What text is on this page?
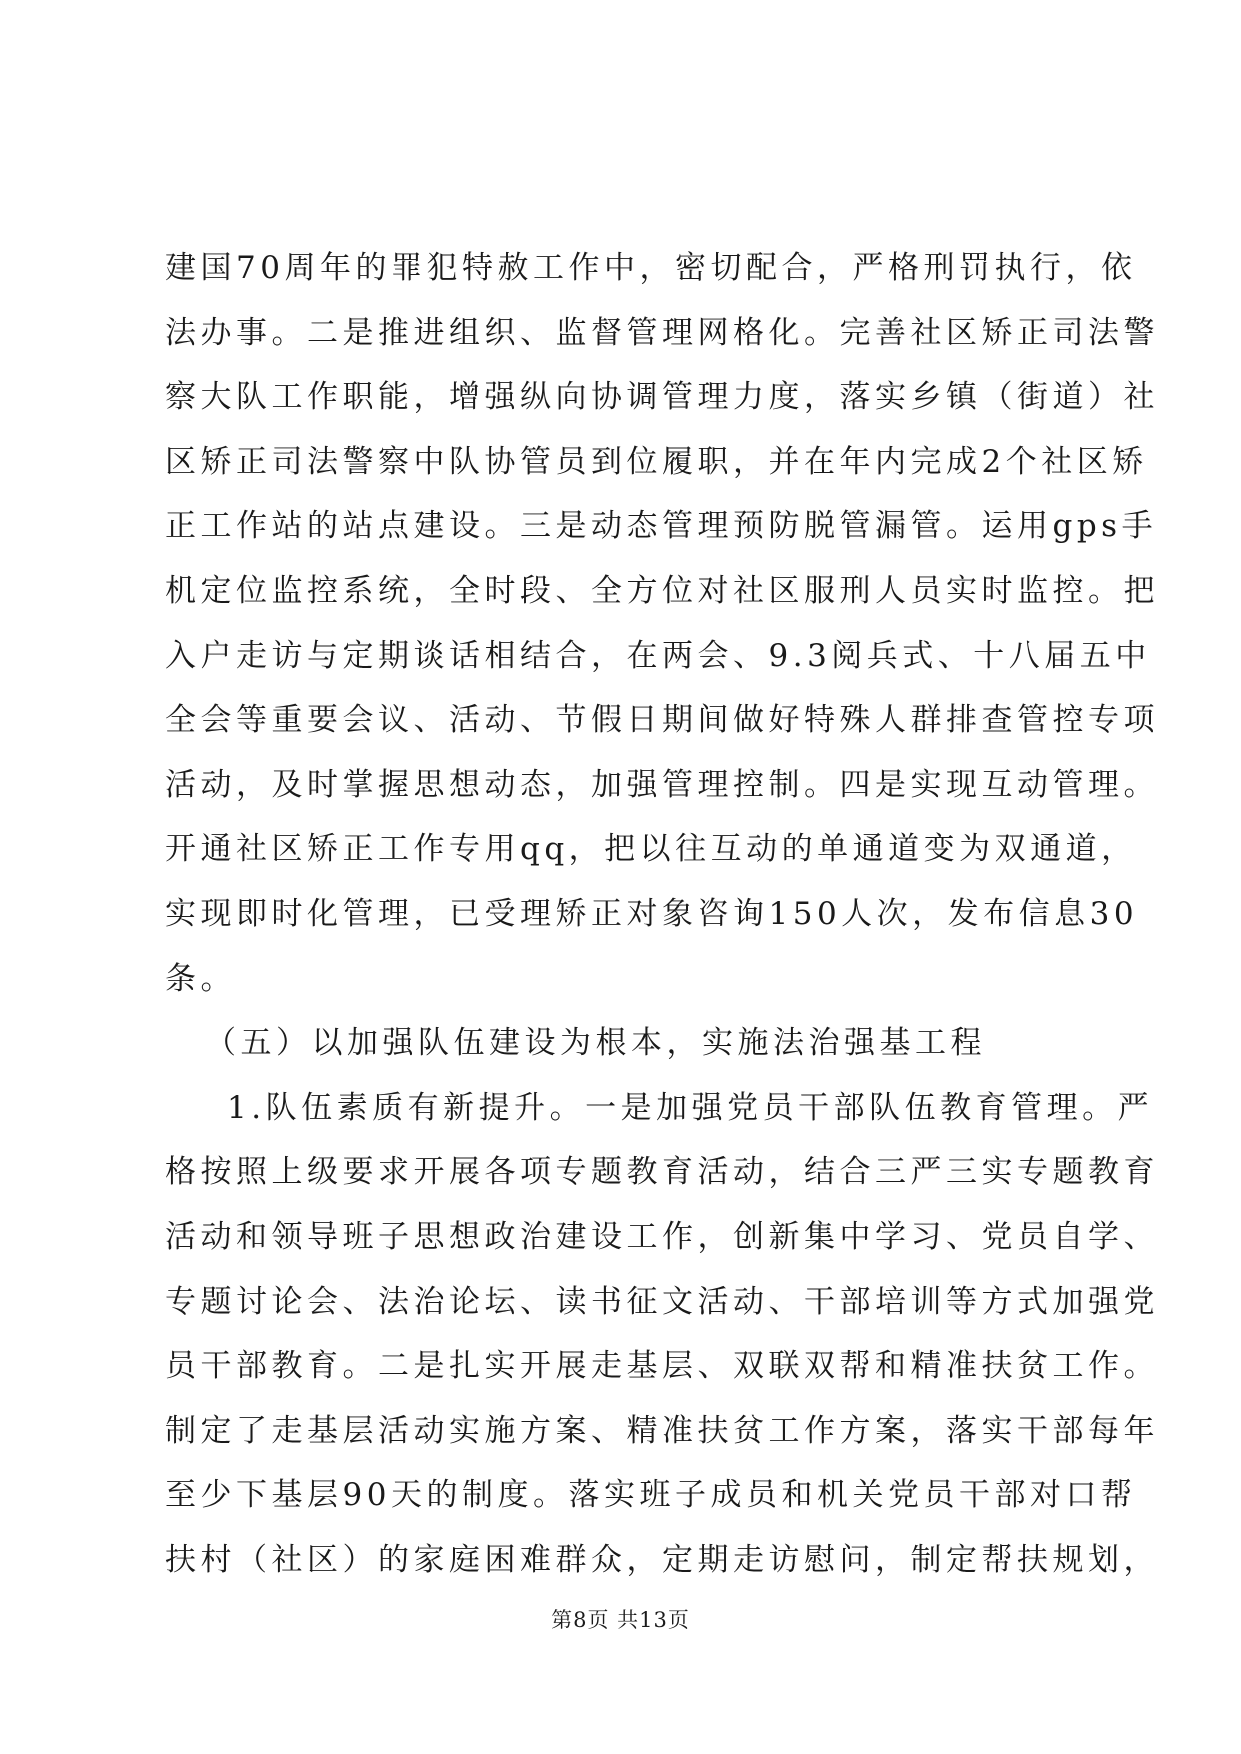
建国70周年的罪犯特赦工作中，密切配合，严格刑罚执行，依
法办事。二是推进组织、监督管理网格化。完善社区矫正司法警
察大队工作职能，增强纵向协调管理力度，落实乡镇（街道）社
区矫正司法警察中队协管员到位履职，并在年内完成2个社区矫
正工作站的站点建设。三是动态管理预防脱管漏管。运用gps手
机定位监控系统，全时段、全方位对社区服刑人员实时监控。把
入户走访与定期谈话相结合，在两会、9.3阅兵式、十八届五中
全会等重要会议、活动、节假日期间做好特殊人群排查管控专项
活动，及时掌握思想动态，加强管理控制。四是实现互动管理。
开通社区矫正工作专用qq，把以往互动的单通道变为双通道，
实现即时化管理，已受理矫正对象咨询150人次，发布信息30
条。
（五）以加强队伍建设为根本，实施法治强基工程
1.队伍素质有新提升。一是加强党员干部队伍教育管理。严
格按照上级要求开展各项专题教育活动，结合三严三实专题教育
活动和领导班子思想政治建设工作，创新集中学习、党员自学、
专题讨论会、法治论坛、读书征文活动、干部培训等方式加强党
员干部教育。二是扎实开展走基层、双联双帮和精准扶贫工作。
制定了走基层活动实施方案、精准扶贫工作方案，落实干部每年
至少下基层90天的制度。落实班子成员和机关党员干部对口帮
扶村（社区）的家庭困难群众，定期走访慰问，制定帮扶规划，
第8页 共13页
